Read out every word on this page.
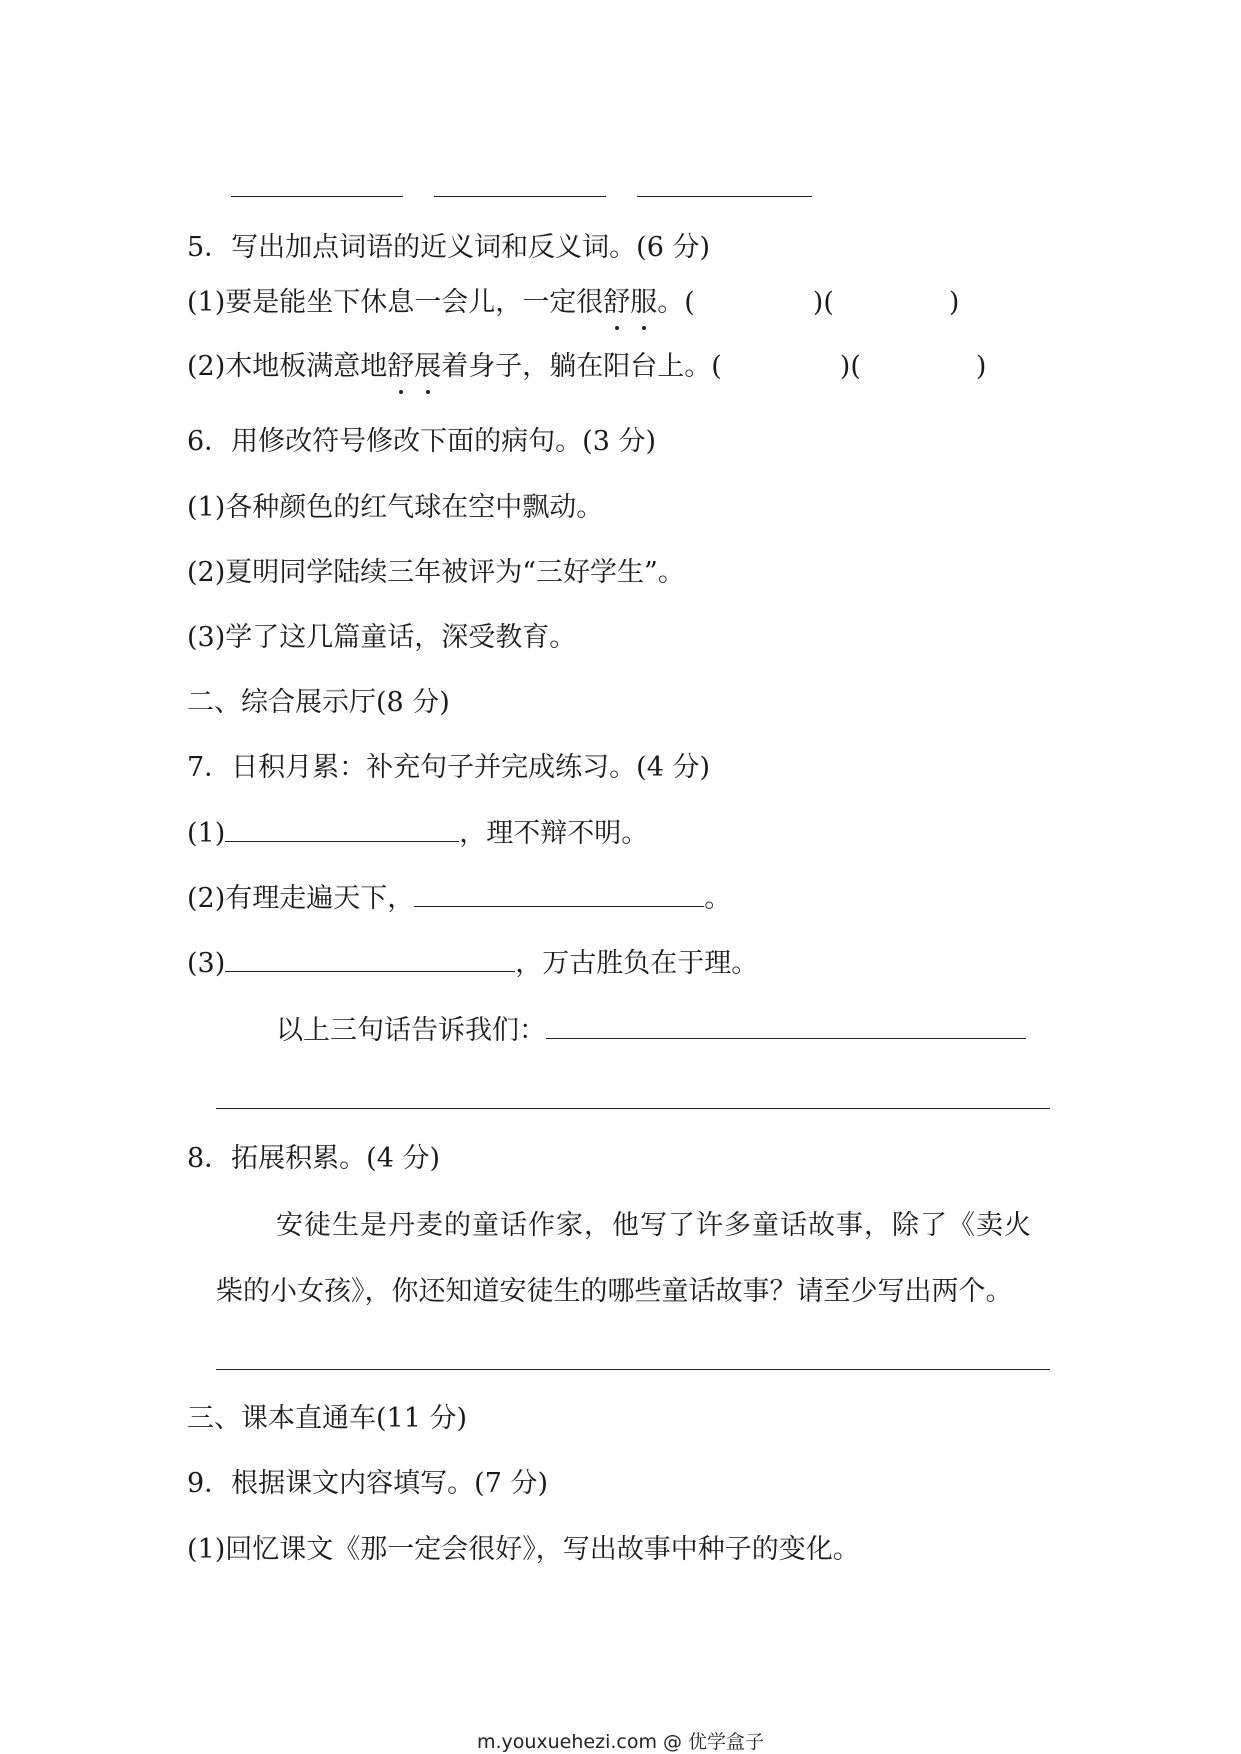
5．写出加点词语的近义词和反义词。(6 分)
(1)要是能坐下休息一会儿，一定很舒服。(	)(	)
(2)木地板满意地舒展着身子，躺在阳台上。(	)(	)
6．用修改符号修改下面的病句。(3 分)
(1)各种颜色的红气球在空中飘动。
(2)夏明同学陆续三年被评为“三好学生”。
(3)学了这几篇童话，深受教育。
二、综合展示厅(8 分)
7．日积月累：补充句子并完成练习。(4 分)
(1)	，理不辩不明。
(2)有理走遍天下，	。
(3)	，万古胜负在于理。
以上三句话告诉我们：
8．拓展积累。(4 分)
安徒生是丹麦的童话作家，他写了许多童话故事，除了《卖火
柴的小女孩》，你还知道安徒生的哪些童话故事？请至少写出两个。
三、课本直通车(11 分)
9．根据课文内容填写。(7 分)
(1)回忆课文《那一定会很好》，写出故事中种子的变化。
m.youxuehezi.com @ 优学盒子
